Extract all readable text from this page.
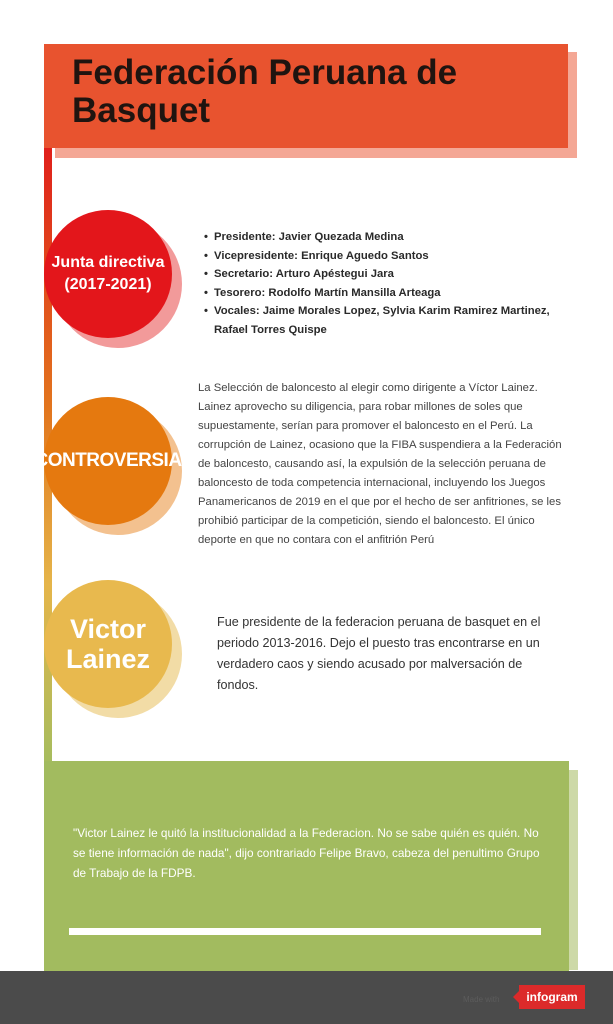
Federación Peruana de Basquet
Junta directiva
(2017-2021)
• Presidente: Javier Quezada Medina
• Vicepresidente: Enrique Aguedo Santos
• Secretario: Arturo Apéstegui Jara
• Tesorero: Rodolfo Martín Mansilla Arteaga
• Vocales: Jaime Morales Lopez, Sylvia Karim Ramirez Martinez, Rafael Torres Quispe
CONTROVERSIA

La Selección de baloncesto al elegir como dirigente a Víctor Lainez. Lainez aprovecho su diligencia, para robar millones de soles que supuestamente, serían para promover el baloncesto en el Perú. La corrupción de Lainez, ocasiono que la FIBA suspendiera a la Federación de baloncesto, causando así, la expulsión de la selección peruana de baloncesto de toda competencia internacional, incluyendo los Juegos Panamericanos de 2019 en el que por el hecho de ser anfitriones, se les prohibió participar de la competición, siendo el baloncesto. El único deporte en que no contara con el anfitrión Perú

Victor
Lainez

Fue presidente de la federacion peruana de basquet en el periodo 2013-2016. Dejo el puesto tras encontrarse en un verdadero caos y siendo acusado por malversación de fondos.

"Victor Lainez le quitó la institucionalidad a la Federacion. No se sabe quién es quién. No se tiene información de nada", dijo contrariado Felipe Bravo, cabeza del penultimo Grupo de Trabajo de la FDPB.

Made with	infogram
